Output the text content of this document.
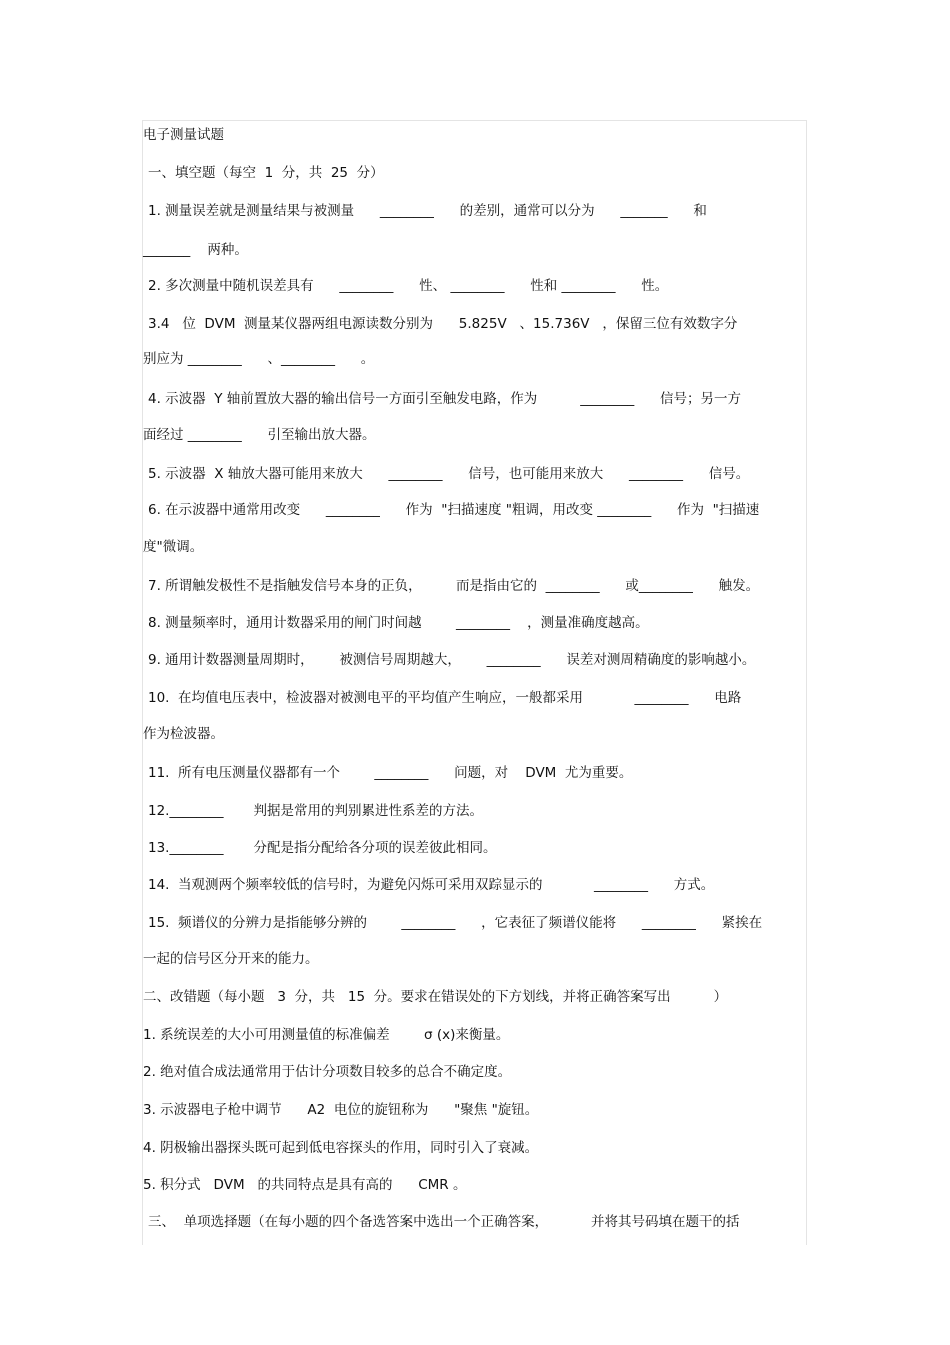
电子测量试题
一、填空题（每空  1  分，共  25  分）
1. 测量误差就是测量结果与被测量      ________      的差别，通常可以分为      _______      和
_______    两种。
2. 多次测量中随机误差具有      ________      性、 ________      性和 ________      性。
3.4   位  DVM  测量某仪器两组电源读数分别为      5.825V   、15.736V   ，保留三位有效数字分
别应为 ________      、________      。
4. 示波器  Y 轴前置放大器的输出信号一方面引至触发电路，作为          ________      信号；另一方
面经过 ________      引至输出放大器。
5. 示波器  X 轴放大器可能用来放大      ________      信号，也可能用来放大      ________      信号。
6. 在示波器中通常用改变      ________      作为  "扫描速度 "粗调，用改变 ________      作为  "扫描速
度"微调。
7. 所谓触发极性不是指触发信号本身的正负，        而是指由它的  ________      或________      触发。
8. 测量频率时，通用计数器采用的闸门时间越        ________    ，测量准确度越高。
9. 通用计数器测量周期时，      被测信号周期越大，      ________      误差对测周精确度的影响越小。
10.  在均值电压表中，检波器对被测电平的平均值产生响应，一般都采用            ________      电路
作为检波器。
11.  所有电压测量仪器都有一个        ________      问题，对    DVM  尤为重要。
12.________       判据是常用的判别累进性系差的方法。
13.________       分配是指分配给各分项的误差彼此相同。
14.  当观测两个频率较低的信号时，为避免闪烁可采用双踪显示的            ________      方式。
15.  频谱仪的分辨力是指能够分辨的        ________      ，它表征了频谱仪能将      ________      紧挨在
一起的信号区分开来的能力。
二、改错题（每小题   3  分，共   15  分。要求在错误处的下方划线，并将正确答案写出          ）
1. 系统误差的大小可用测量值的标准偏差        σ (x)来衡量。
2. 绝对值合成法通常用于估计分项数目较多的总合不确定度。
3. 示波器电子枪中调节      A2  电位的旋钮称为      "聚焦 "旋钮。
4. 阴极输出器探头既可起到低电容探头的作用，同时引入了衰减。
5. 积分式   DVM   的共同特点是具有高的      CMR 。
三、  单项选择题（在每小题的四个备选答案中选出一个正确答案，          并将其号码填在题干的括
